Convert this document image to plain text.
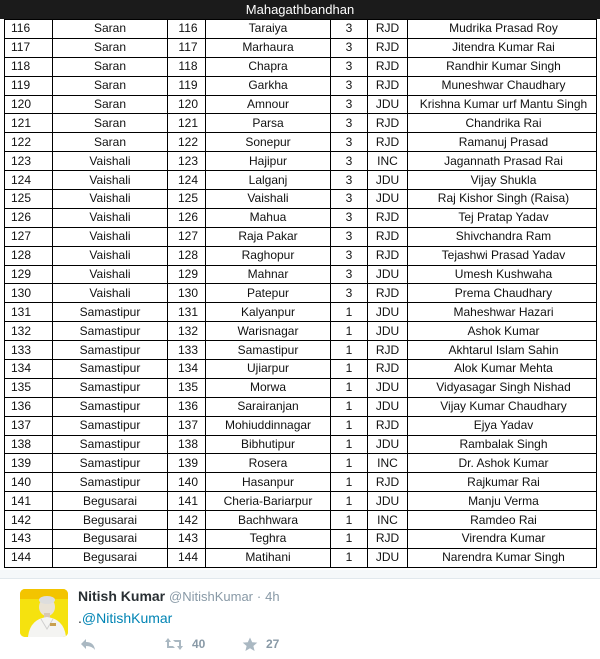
Mahagathbandhan
116	Saran	116	Taraiya	3	RJD	Mudrika Prasad Roy
117	Saran	117	Marhaura	3	RJD	Jitendra Kumar Rai
118	Saran	118	Chapra	3	RJD	Randhir Kumar Singh
119	Saran	119	Garkha	3	RJD	Muneshwar Chaudhary
120	Saran	120	Amnour	3	JDU	Krishna Kumar urf Mantu Singh
121	Saran	121	Parsa	3	RJD	Chandrika Rai
122	Saran	122	Sonepur	3	RJD	Ramanuj Prasad
123	Vaishali	123	Hajipur	3	INC	Jagannath Prasad Rai
124	Vaishali	124	Lalganj	3	JDU	Vijay Shukla
125	Vaishali	125	Vaishali	3	JDU	Raj Kishor Singh (Raisa)
126	Vaishali	126	Mahua	3	RJD	Tej Pratap Yadav
127	Vaishali	127	Raja Pakar	3	RJD	Shivchandra Ram
128	Vaishali	128	Raghopur	3	RJD	Tejashwi Prasad Yadav
129	Vaishali	129	Mahnar	3	JDU	Umesh Kushwaha
130	Vaishali	130	Patepur	3	RJD	Prema Chaudhary
131	Samastipur	131	Kalyanpur	1	JDU	Maheshwar Hazari
132	Samastipur	132	Warisnagar	1	JDU	Ashok Kumar
133	Samastipur	133	Samastipur	1	RJD	Akhtarul Islam Sahin
134	Samastipur	134	Ujiarpur	1	RJD	Alok Kumar Mehta
135	Samastipur	135	Morwa	1	JDU	Vidyasagar Singh Nishad
136	Samastipur	136	Sarairanjan	1	JDU	Vijay Kumar Chaudhary
137	Samastipur	137	Mohiuddinnagar	1	RJD	Ejya Yadav
138	Samastipur	138	Bibhutipur	1	JDU	Rambalak Singh
139	Samastipur	139	Rosera	1	INC	Dr. Ashok Kumar
140	Samastipur	140	Hasanpur	1	RJD	Rajkumar Rai
141	Begusarai	141	Cheria-Bariarpur	1	JDU	Manju Verma
142	Begusarai	142	Bachhwara	1	INC	Ramdeo Rai
143	Begusarai	143	Teghra	1	RJD	Virendra Kumar
144	Begusarai	144	Matihani	1	JDU	Narendra Kumar Singh
Nitish Kumar @NitishKumar · 4h
.@NitishKumar
40	27
